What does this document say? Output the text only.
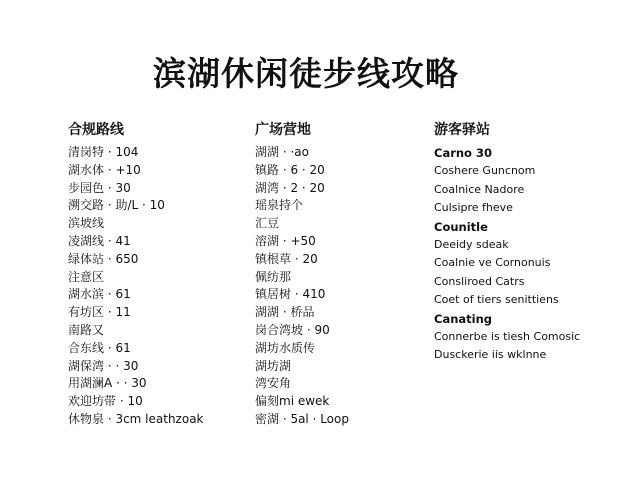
滨湖休闲徒步线攻略
合规路线
清岗特 · 104
湖水体 · +10
步园色 · 30
溯交路 · 助/L · 10
滨坡线
凌湖线 · 41
绿体站 · 650
注意区
湖水滨 · 61
有坊区 · 11
南路又
合东线 · 61
湖保湾 · · 30
用湖澜A · · 30
欢迎坊带 · 10
休物泉 · 3cm leathzoak
广场营地
湖湖 · ·ao
镇路 · 6 · 20
湖湾 · 2 · 20
瑶泉持个
汇豆
溶湖 · +50
镇根草 · 20
佩纺那
镇居树 · 410
湖湖 · 桥品
岗合湾坡 · 90
湖坊水质传
湖坊湖
湾安角
偏刻mi ewek
密湖 · 5al · Loop
游客驿站
Carno 30
Coshere Guncnom
Coalnice Nadore
Culsipre fheve
Counitle
Deeidy sdeak
Coalnie ve Cornonuis
Consliroed Catrs
Coet of tiers senittiens
Canating
Connerbe is tiesh Comosic
Dusckerie iis wklnne
